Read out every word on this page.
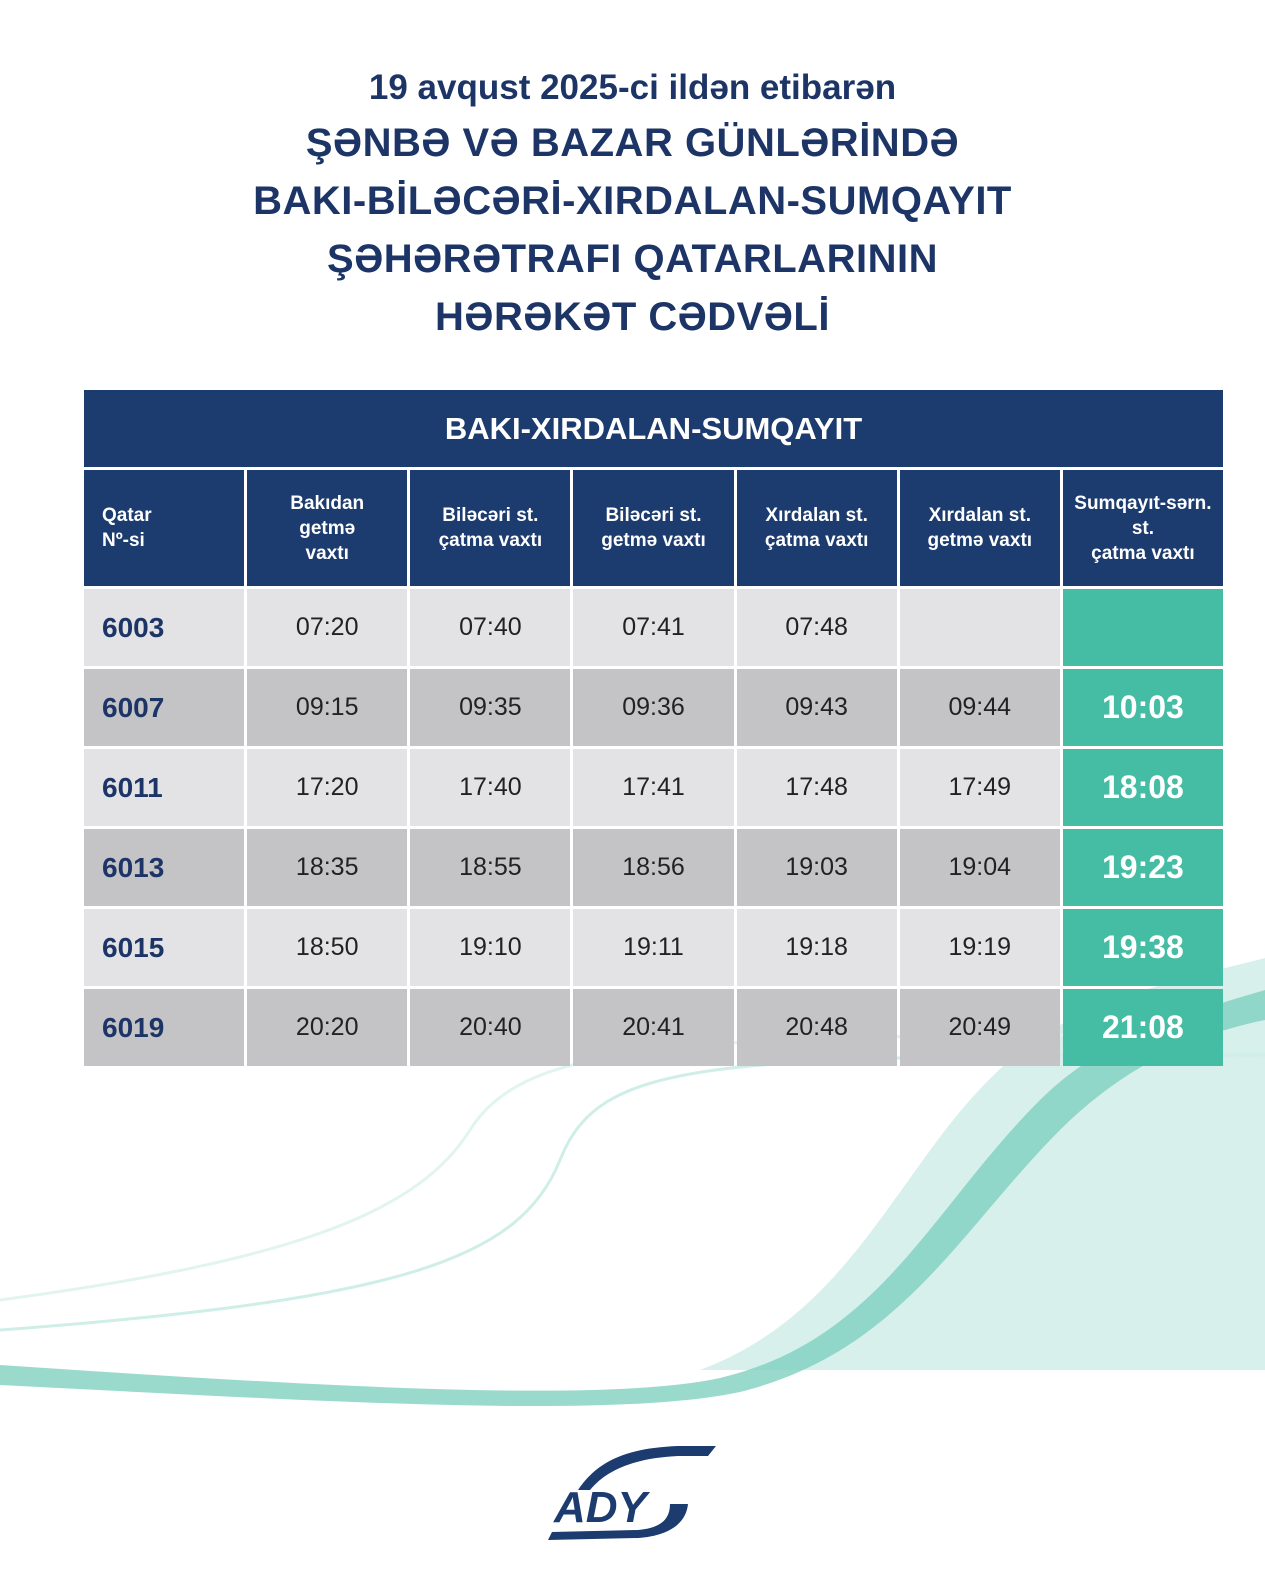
19 avqust 2025-ci ildən etibarən
ŞƏNBƏ VƏ BAZAR GÜNLƏRİNDƏ
BAKI-BİLƏCƏRİ-XIRDALAN-SUMQAYIT
ŞƏHƏRƏTRAFI QATARLARININ
HƏRƏKƏT CƏDVƏLİ
BAKI-XIRDALAN-SUMQAYIT
Qatar
Nº-si	Bakıdan
getmə
vaxtı	Biləcəri st.
çatma vaxtı	Biləcəri st.
getmə vaxtı	Xırdalan st.
çatma vaxtı	Xırdalan st.
getmə vaxtı	Sumqayıt-sərn.
st.
çatma vaxtı
6003	07:20	07:40	07:41	07:48		
6007	09:15	09:35	09:36	09:43	09:44	10:03
6011	17:20	17:40	17:41	17:48	17:49	18:08
6013	18:35	18:55	18:56	19:03	19:04	19:23
6015	18:50	19:10	19:11	19:18	19:19	19:38
6019	20:20	20:40	20:41	20:48	20:49	21:08
ADY
